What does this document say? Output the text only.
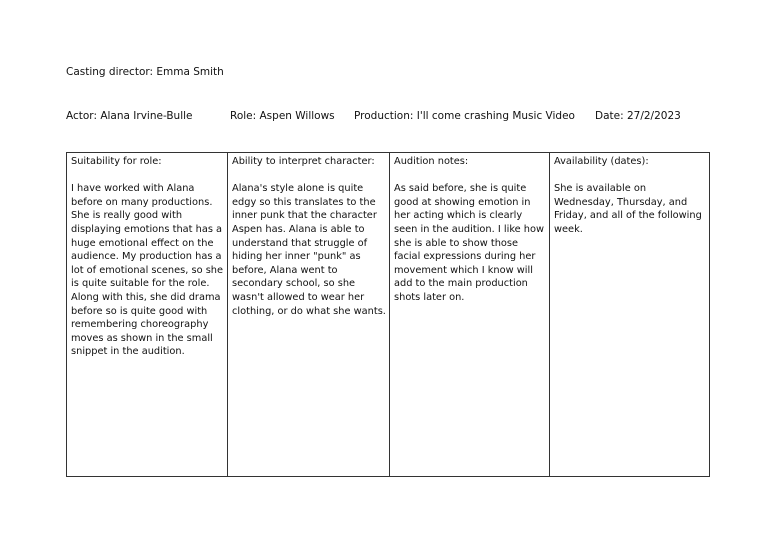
Casting director: Emma Smith
Actor: Alana Irvine-Bulle	Role: Aspen Willows Production: I'll come crashing Music Video Date: 27/2/2023

Suitability for role:

I have worked with Alana before on many productions. She is really good with displaying emotions that has a huge emotional effect on the audience. My production has a lot of emotional scenes, so she is quite suitable for the role. Along with this, she did drama before so is quite good with remembering choreography moves as shown in the small snippet in the audition.

Ability to interpret character:

Alana's style alone is quite edgy so this translates to the inner punk that the character Aspen has. Alana is able to understand that struggle of hiding her inner "punk" as before, Alana went to secondary school, so she wasn't allowed to wear her clothing, or do what she wants.

Audition notes:

As said before, she is quite good at showing emotion in her acting which is clearly seen in the audition. I like how she is able to show those facial expressions during her movement which I know will add to the main production shots later on.

Availability (dates):

She is available on Wednesday, Thursday, and Friday, and all of the following week.
